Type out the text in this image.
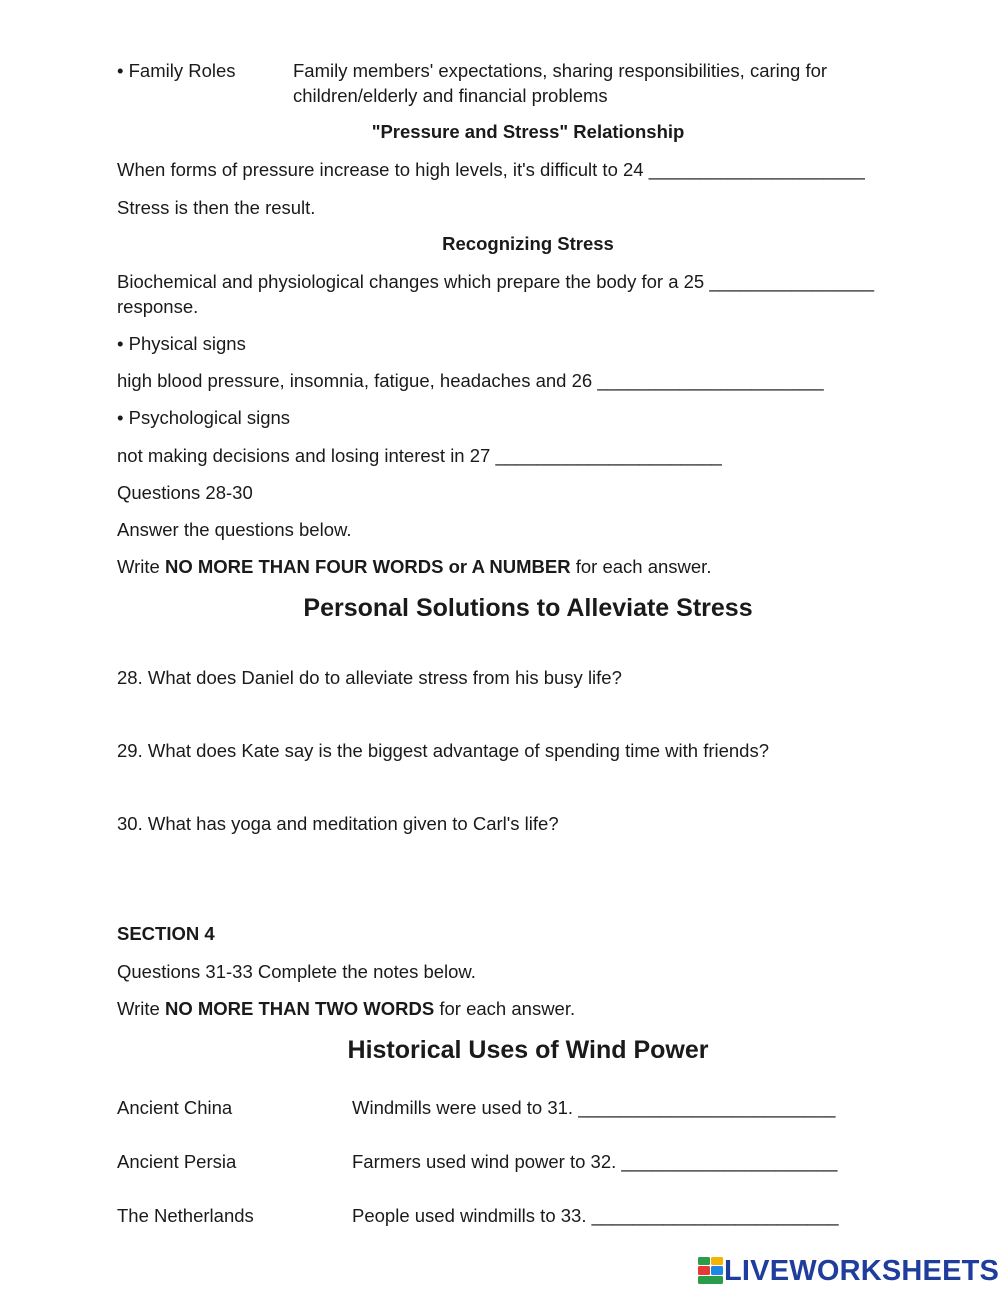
• Family Roles	Family members' expectations, sharing responsibilities, caring for
children/elderly and financial problems
"Pressure and Stress" Relationship
When forms of pressure increase to high levels, it's difficult to 24 _____________________
Stress is then the result.
Recognizing Stress
Biochemical and physiological changes which prepare the body for a 25 ________________
response.
• Physical signs
high blood pressure, insomnia, fatigue, headaches and 26 ______________________
• Psychological signs
not making decisions and losing interest in 27 ______________________
Questions 28-30
Answer the questions below.
Write NO MORE THAN FOUR WORDS or A NUMBER for each answer.
Personal Solutions to Alleviate Stress
28. What does Daniel do to alleviate stress from his busy life?
29. What does Kate say is the biggest advantage of spending time with friends?
30. What has yoga and meditation given to Carl's life?
SECTION 4
Questions 31-33 Complete the notes below.
Write NO MORE THAN TWO WORDS for each answer.
Historical Uses of Wind Power
Ancient China	Windmills were used to 31. _________________________
Ancient Persia	Farmers used wind power to 32. _____________________
The Netherlands	People used windmills to 33. ________________________
LIVEWORKSHEETS
